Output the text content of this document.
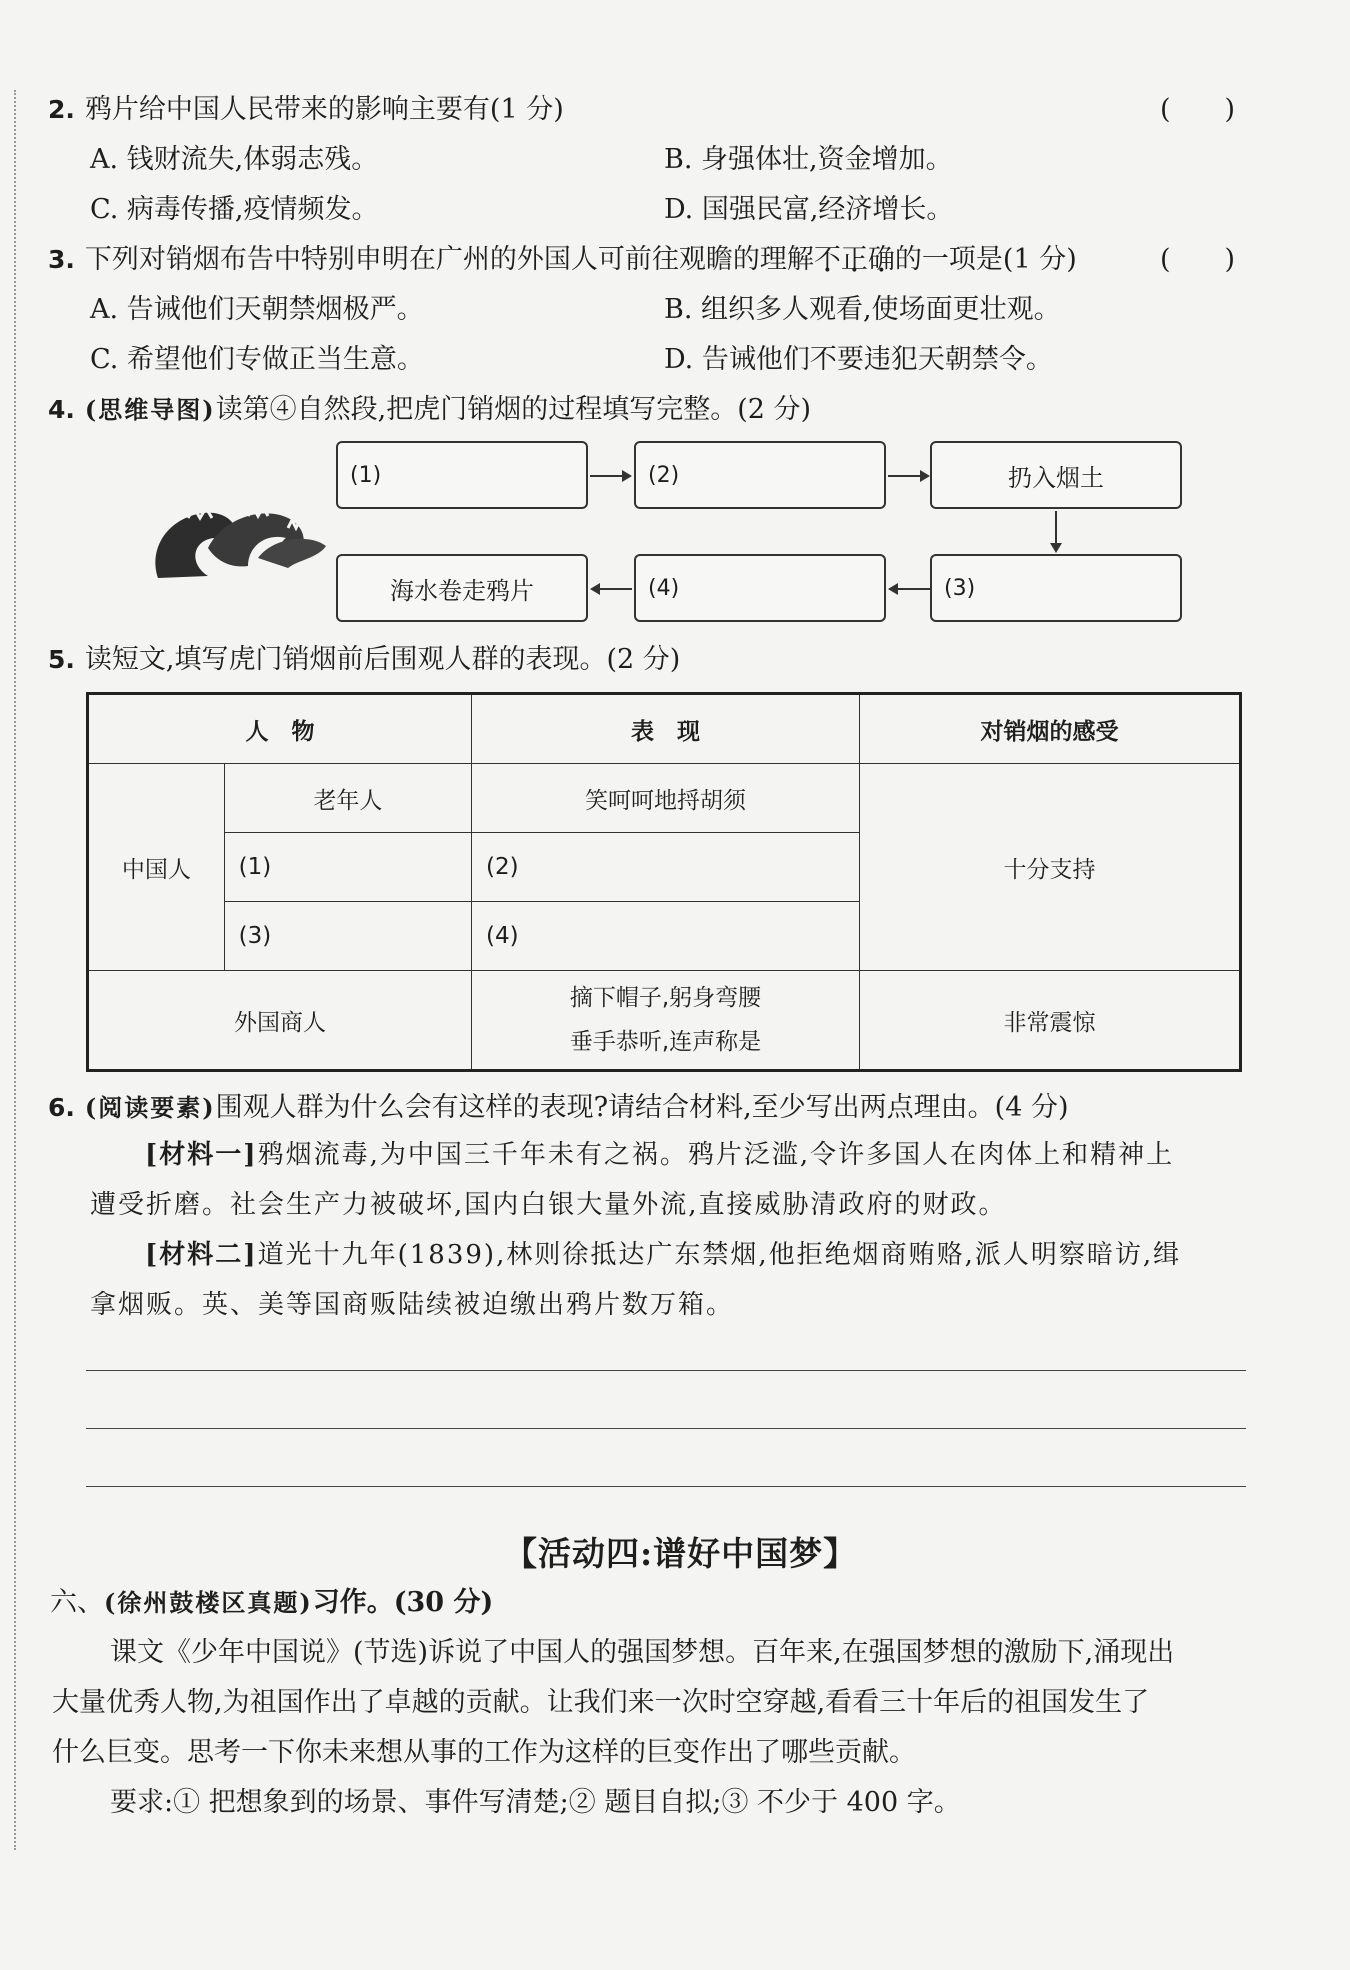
2. 鸦片给中国人民带来的影响主要有(1 分)	(　　)
A. 钱财流失,体弱志残。	B. 身强体壮,资金增加。
C. 病毒传播,疫情频发。	D. 国强民富,经济增长。
3. 下列对销烟布告中特别申明在广州的外国人可前往观瞻的理解不正确的一项是(1 分)	(　　)
A. 告诫他们天朝禁烟极严。	B. 组织多人观看,使场面更壮观。
C. 希望他们专做正当生意。	D. 告诫他们不要违犯天朝禁令。
4. (思维导图)读第④自然段,把虎门销烟的过程填写完整。(2 分)
(1)	(2)	扔入烟土
(3)
(4)
海水卷走鸦片
5. 读短文,填写虎门销烟前后围观人群的表现。(2 分)
人　物		表　现	对销烟的感受
中国人	老年人	笑呵呵地捋胡须	十分支持
	(1)	(2)	
	(3)	(4)	
外国商人		摘下帽子,躬身弯腰
垂手恭听,连声称是	非常震惊
6. (阅读要素)围观人群为什么会有这样的表现?请结合材料,至少写出两点理由。(4 分)
[材料一]鸦烟流毒,为中国三千年未有之祸。鸦片泛滥,令许多国人在肉体上和精神上
遭受折磨。社会生产力被破坏,国内白银大量外流,直接威胁清政府的财政。
[材料二]道光十九年(1839),林则徐抵达广东禁烟,他拒绝烟商贿赂,派人明察暗访,缉
拿烟贩。英、美等国商贩陆续被迫缴出鸦片数万箱。
【活动四:谱好中国梦】
六、(徐州鼓楼区真题)习作。(30 分)
课文《少年中国说》(节选)诉说了中国人的强国梦想。百年来,在强国梦想的激励下,涌现出
大量优秀人物,为祖国作出了卓越的贡献。让我们来一次时空穿越,看看三十年后的祖国发生了
什么巨变。思考一下你未来想从事的工作为这样的巨变作出了哪些贡献。
要求:① 把想象到的场景、事件写清楚;② 题目自拟;③ 不少于 400 字。
